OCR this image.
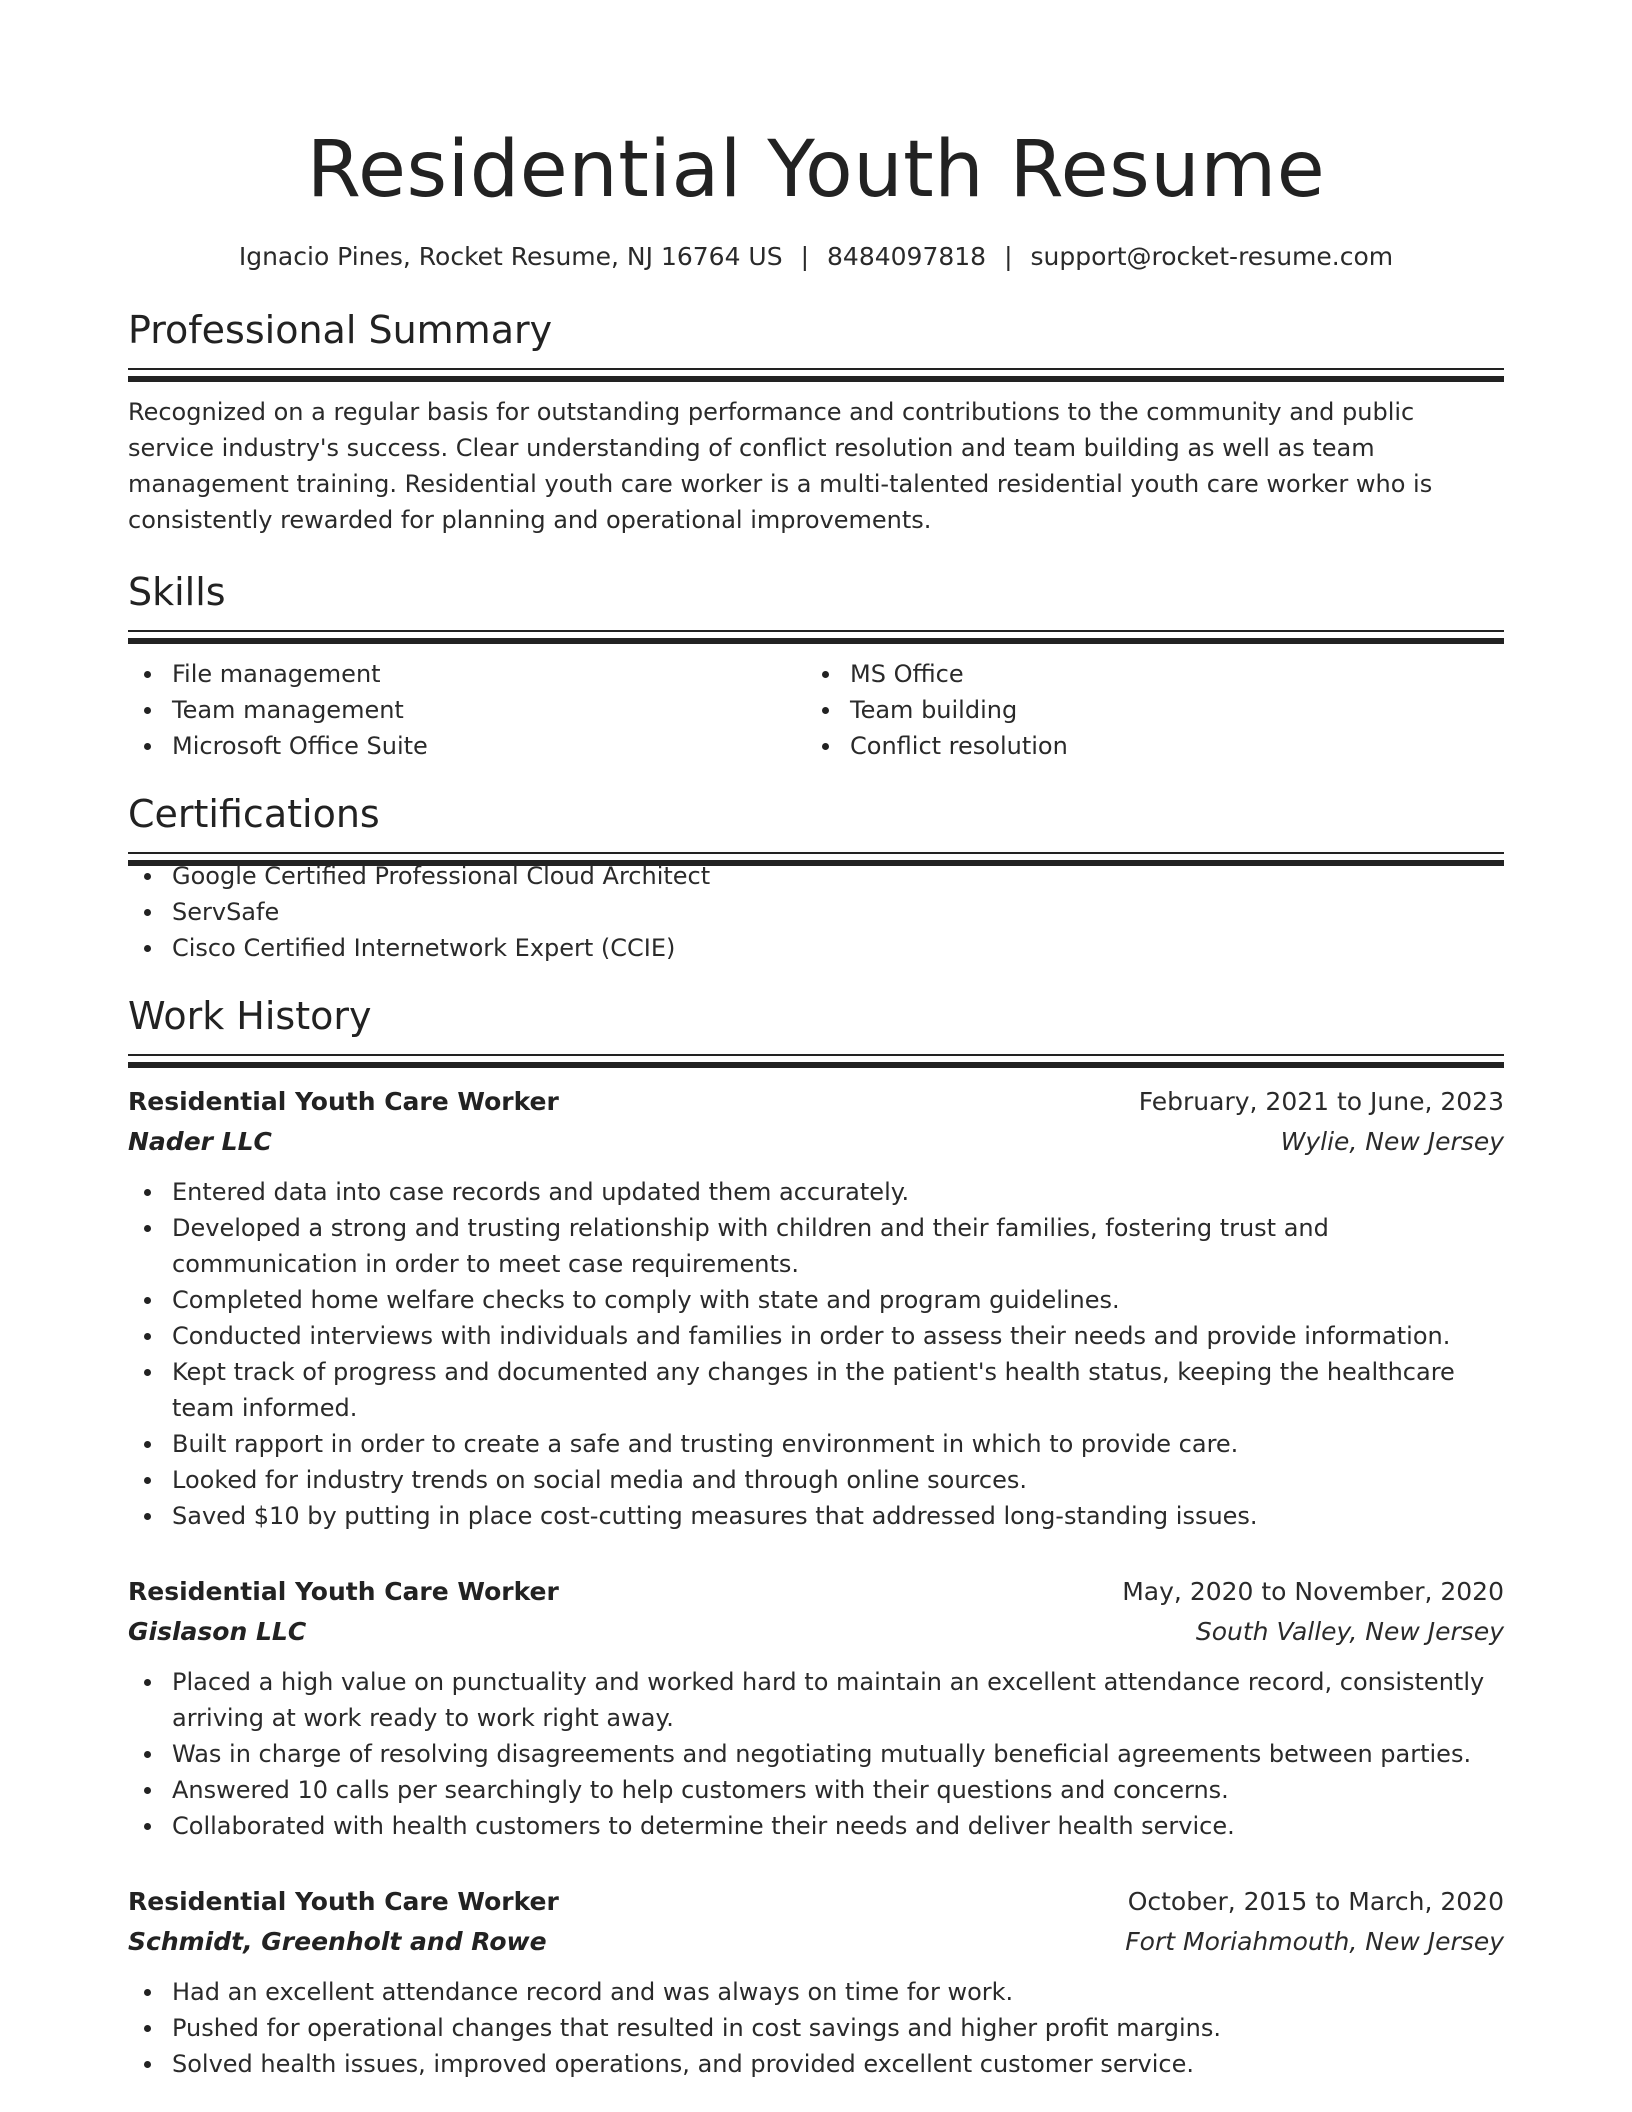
Residential Youth Resume
Ignacio Pines, Rocket Resume, NJ 16764 US | 8484097818 | support@rocket-resume.com
Professional Summary
Recognized on a regular basis for outstanding performance and contributions to the community and public service industry's success. Clear understanding of conflict resolution and team building as well as team management training. Residential youth care worker is a multi-talented residential youth care worker who is consistently rewarded for planning and operational improvements.
Skills
File management
Team management
Microsoft Office Suite
MS Office
Team building
Conflict resolution
Certifications
Google Certified Professional Cloud Architect
ServSafe
Cisco Certified Internetwork Expert (CCIE)
Work History
Residential Youth Care Worker	February, 2021 to June, 2023
Nader LLC	Wylie, New Jersey
Entered data into case records and updated them accurately.
Developed a strong and trusting relationship with children and their families, fostering trust and communication in order to meet case requirements.
Completed home welfare checks to comply with state and program guidelines.
Conducted interviews with individuals and families in order to assess their needs and provide information.
Kept track of progress and documented any changes in the patient's health status, keeping the healthcare team informed.
Built rapport in order to create a safe and trusting environment in which to provide care.
Looked for industry trends on social media and through online sources.
Saved $10 by putting in place cost-cutting measures that addressed long-standing issues.
Residential Youth Care Worker	May, 2020 to November, 2020
Gislason LLC	South Valley, New Jersey
Placed a high value on punctuality and worked hard to maintain an excellent attendance record, consistently arriving at work ready to work right away.
Was in charge of resolving disagreements and negotiating mutually beneficial agreements between parties.
Answered 10 calls per searchingly to help customers with their questions and concerns.
Collaborated with health customers to determine their needs and deliver health service.
Residential Youth Care Worker	October, 2015 to March, 2020
Schmidt, Greenholt and Rowe	Fort Moriahmouth, New Jersey
Had an excellent attendance record and was always on time for work.
Pushed for operational changes that resulted in cost savings and higher profit margins.
Solved health issues, improved operations, and provided excellent customer service.
